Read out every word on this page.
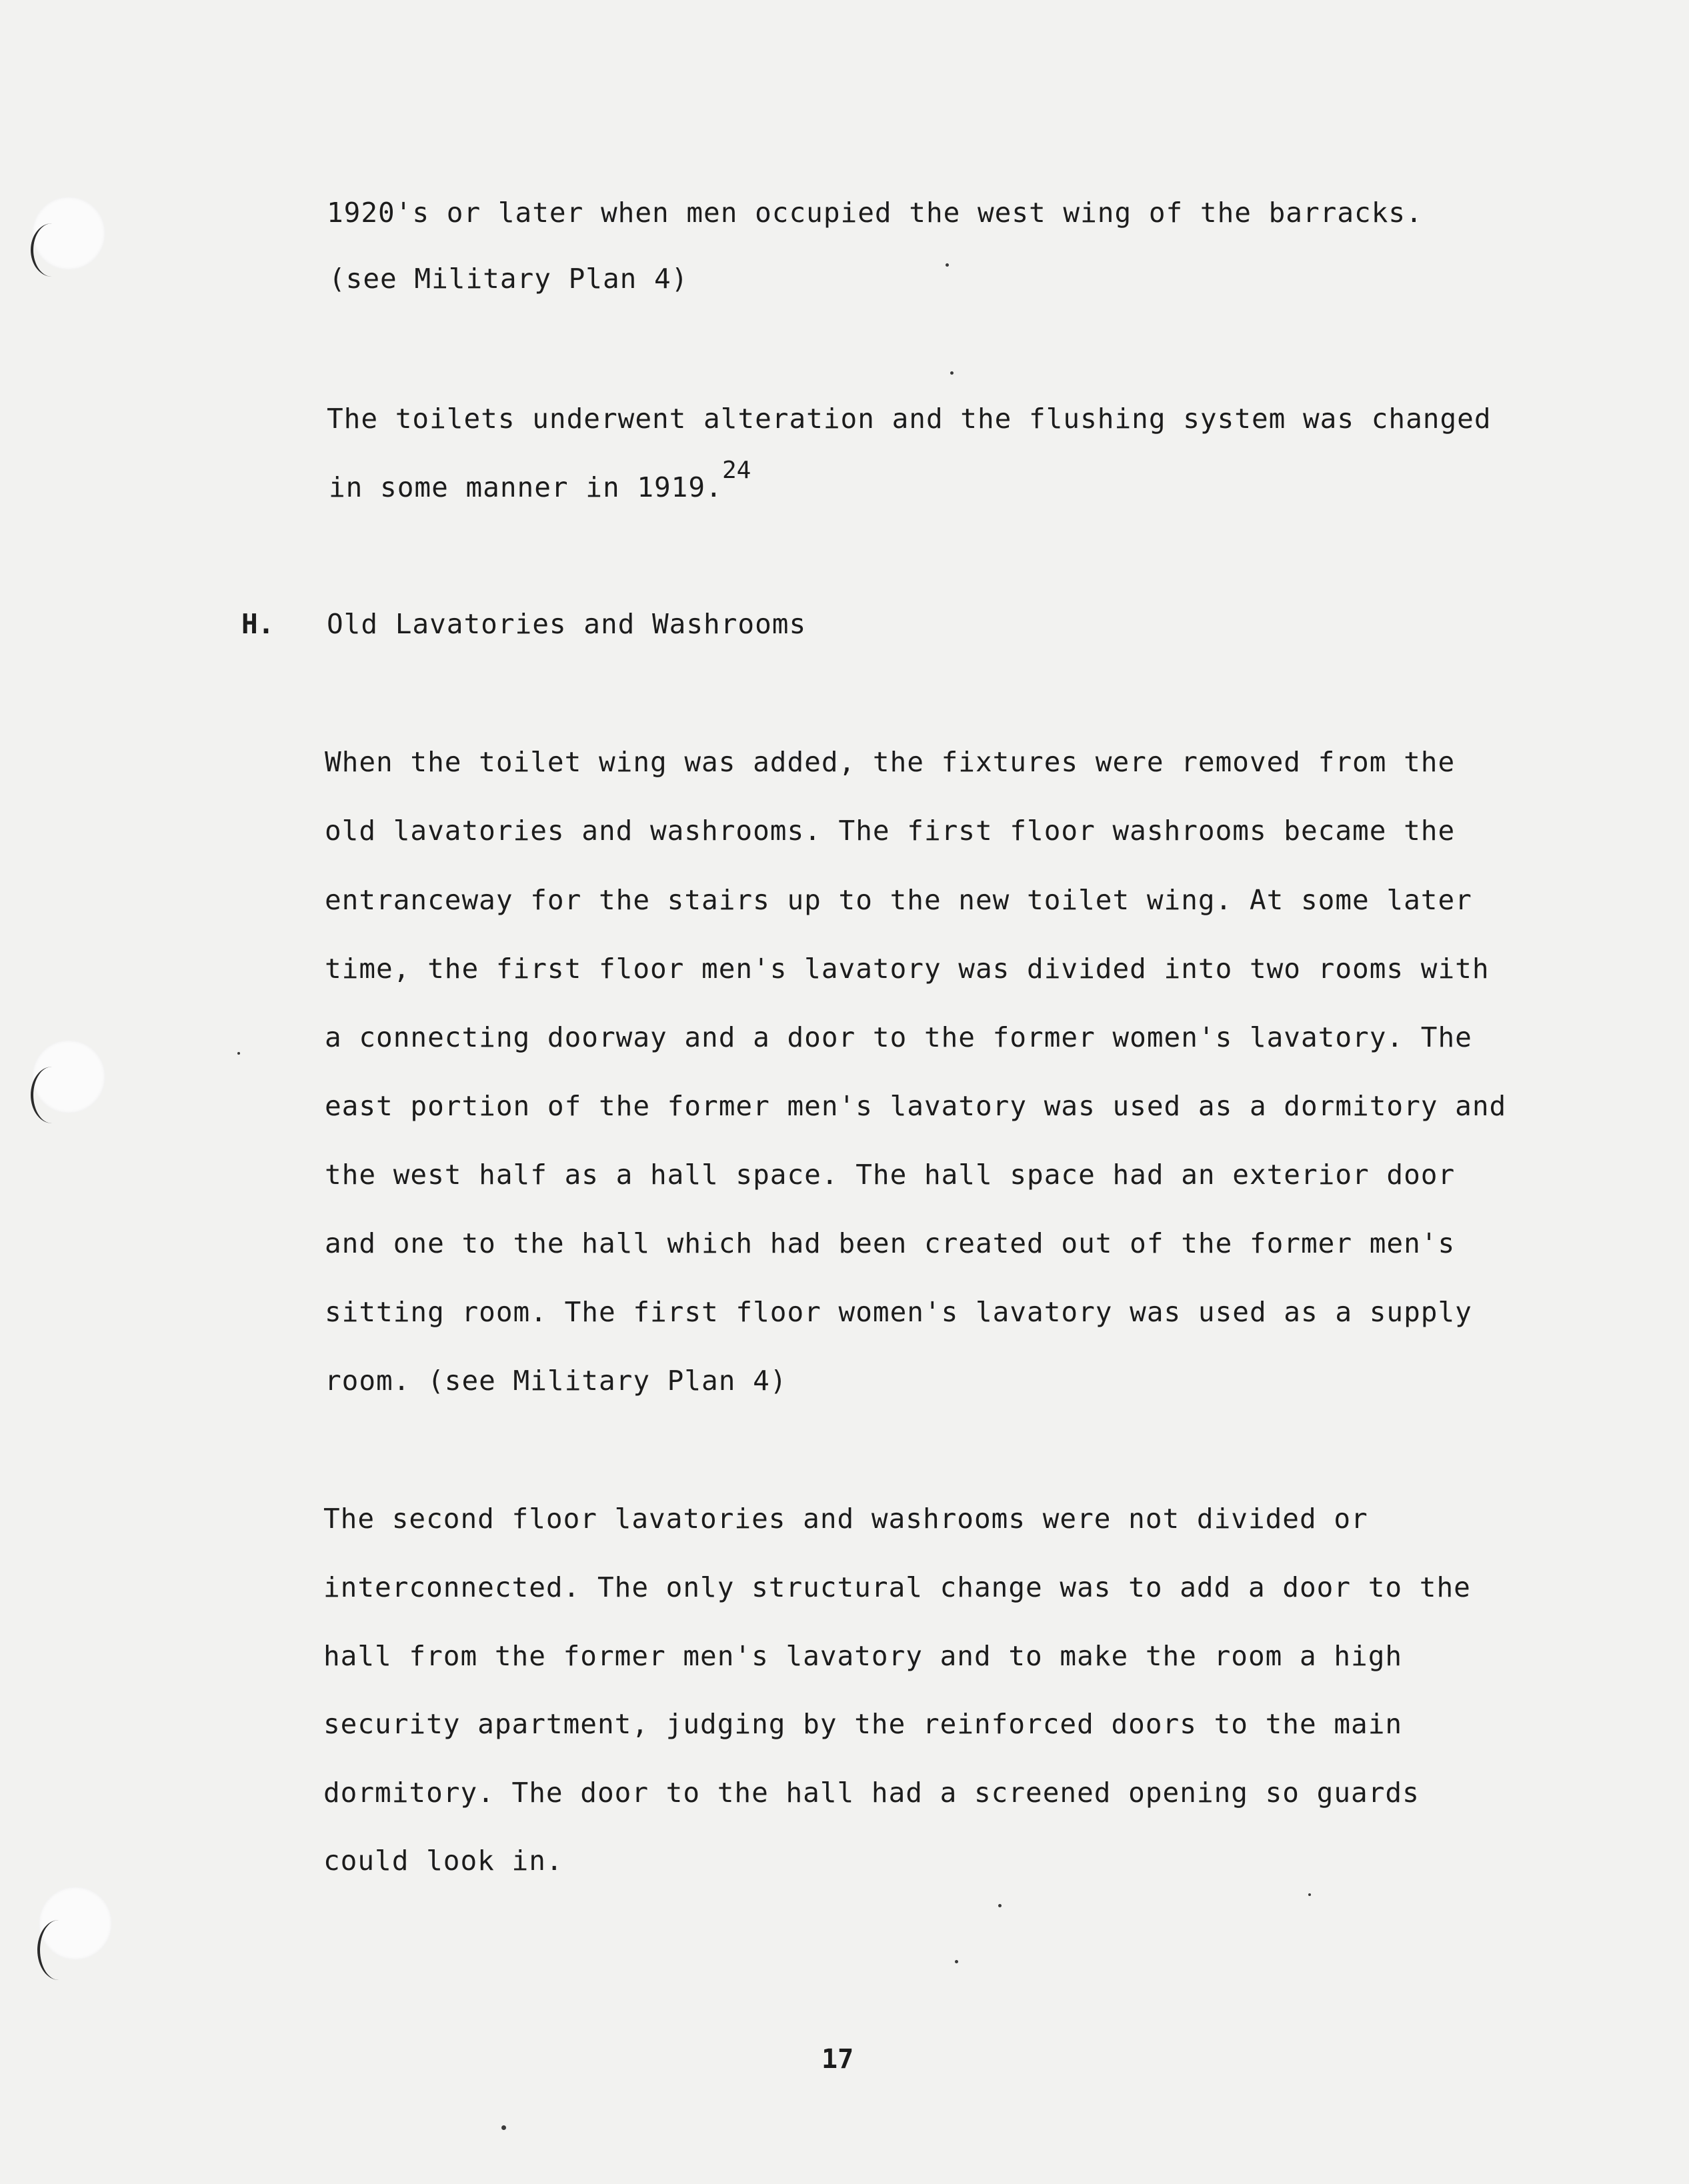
1920's or later when men occupied the west wing of the barracks.
(see Military Plan 4)
The toilets underwent alteration and the flushing system was changed
in some manner in 1919.
24
H. Old Lavatories and Washrooms
When the toilet wing was added, the fixtures were removed from the
old lavatories and washrooms. The first floor washrooms became the
entranceway for the stairs up to the new toilet wing. At some later
time, the first floor men's lavatory was divided into two rooms with
a connecting doorway and a door to the former women's lavatory. The
east portion of the former men's lavatory was used as a dormitory and
the west half as a hall space. The hall space had an exterior door
and one to the hall which had been created out of the former men's
sitting room. The first floor women's lavatory was used as a supply
room. (see Military Plan 4)
The second floor lavatories and washrooms were not divided or
interconnected. The only structural change was to add a door to the
hall from the former men's lavatory and to make the room a high
security apartment, judging by the reinforced doors to the main
dormitory. The door to the hall had a screened opening so guards
could look in.
17
